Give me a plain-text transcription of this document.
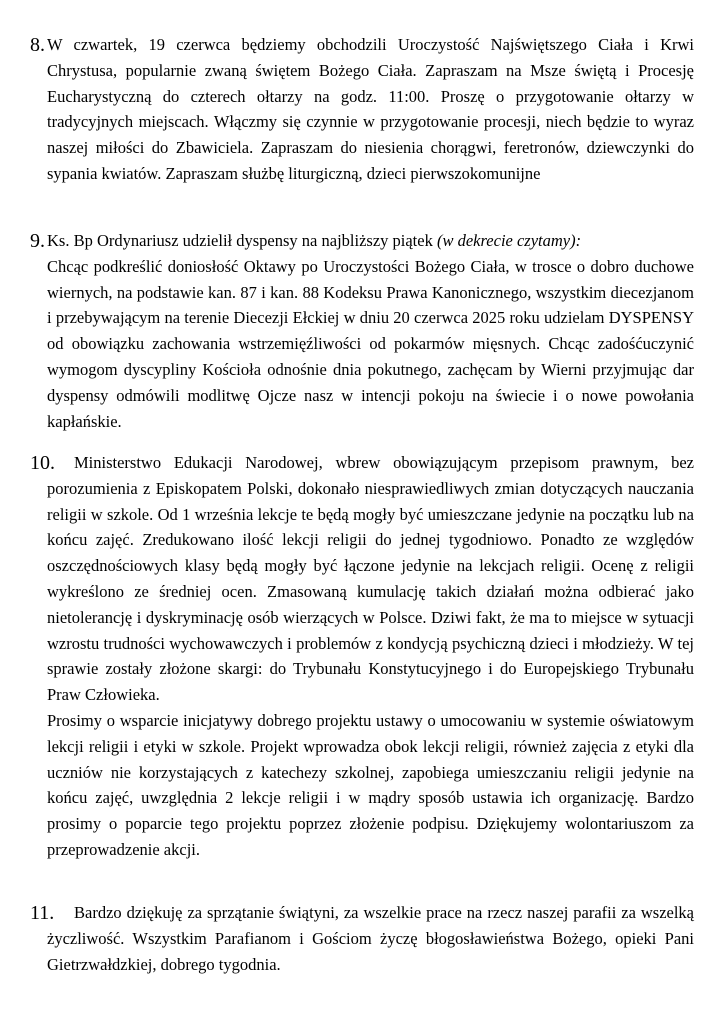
8. W czwartek, 19 czerwca będziemy obchodzili Uroczystość Najświętszego Ciała i Krwi Chrystusa, popularnie zwaną świętem Bożego Ciała. Zapraszam na Msze świętą i Procesję Eucharystyczną do czterech ołtarzy na godz. 11:00. Proszę o przygotowanie ołtarzy w tradycyjnych miejscach. Włączmy się czynnie w przygotowanie procesji, niech będzie to wyraz naszej miłości do Zbawiciela. Zapraszam do niesienia chorągwi, feretronów, dziewczynki do sypania kwiatów. Zapraszam służbę liturgiczną, dzieci pierwszokomunijne

9. Ks. Bp Ordynariusz udzielił dyspensy na najbliższy piątek (w dekrecie czytamy):

Chcąc podkreślić doniosłość Oktawy po Uroczystości Bożego Ciała, w trosce o dobro duchowe wiernych, na podstawie kan. 87 i kan. 88 Kodeksu Prawa Kanonicznego, wszystkim diecezjanom i przebywającym na terenie Diecezji Ełckiej w dniu 20 czerwca 2025 roku udzielam DYSPENSY od obowiązku zachowania wstrzemięźliwości od pokarmów mięsnych. Chcąc zadośćuczynić wymogom dyscypliny Kościoła odnośnie dnia pokutnego, zachęcam by Wierni przyjmując dar dyspensy odmówili modlitwę Ojcze nasz w intencji pokoju na świecie i o nowe powołania kapłańskie.

10.	Ministerstwo Edukacji Narodowej, wbrew obowiązującym przepisom prawnym, bez porozumienia z Episkopatem Polski, dokonało niesprawiedliwych zmian dotyczących nauczania religii w szkole. Od 1 września lekcje te będą mogły być umieszczane jedynie na początku lub na końcu zajęć. Zredukowano ilość lekcji religii do jednej tygodniowo. Ponadto ze względów oszczędnościowych klasy będą mogły być łączone jedynie na lekcjach religii. Ocenę z religii wykreślono ze średniej ocen. Zmasowaną kumulację takich działań można odbierać jako nietolerancję i dyskryminację osób wierzących w Polsce. Dziwi fakt, że ma to miejsce w sytuacji wzrostu trudności wychowawczych i problemów z kondycją psychiczną dzieci i młodzieży. W tej sprawie zostały złożone skargi: do Trybunału Konstytucyjnego i do Europejskiego Trybunału Praw Człowieka.

Prosimy o wsparcie inicjatywy dobrego projektu ustawy o umocowaniu w systemie oświatowym lekcji religii i etyki w szkole. Projekt wprowadza obok lekcji religii, również zajęcia z etyki dla uczniów nie korzystających z katechezy szkolnej, zapobiega umieszczaniu religii jedynie na końcu zajęć, uwzględnia 2 lekcje religii i w mądry sposób ustawia ich organizację. Bardzo prosimy o poparcie tego projektu poprzez złożenie podpisu. Dziękujemy wolontariuszom za przeprowadzenie akcji.

11.	Bardzo dziękuję za sprzątanie świątyni, za wszelkie prace na rzecz naszej parafii za wszelką życzliwość. Wszystkim Parafianom i Gościom życzę błogosławieństwa Bożego, opieki Pani Gietrzwałdzkiej, dobrego tygodnia.
